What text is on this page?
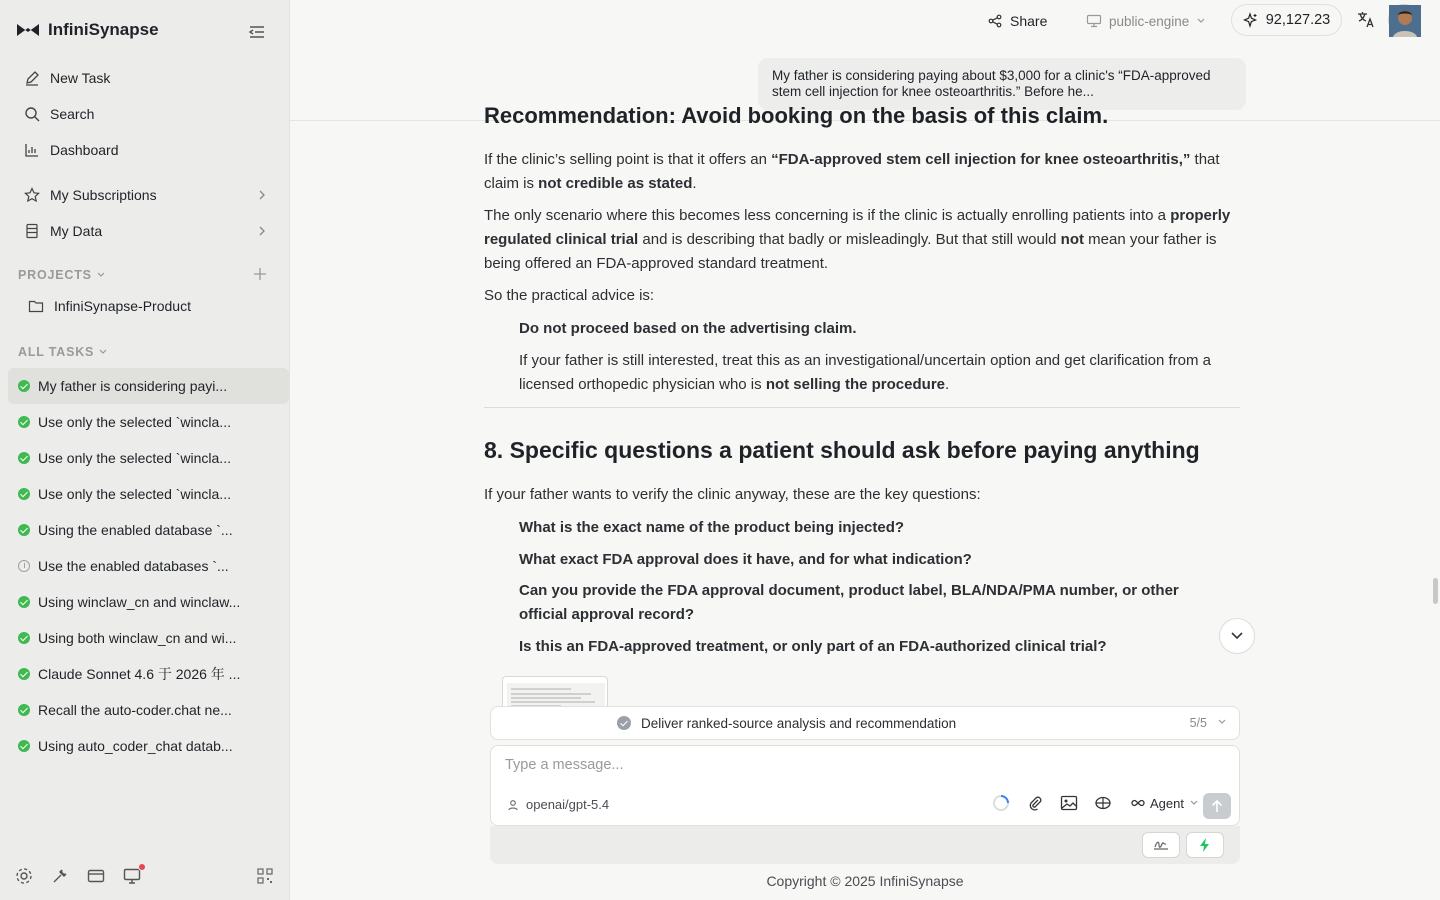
InfiniSynapse
New Task
Search
Dashboard
My Subscriptions
My Data
PROJECTS
InfiniSynapse-Product
ALL TASKS
My father is considering payi...
Use only the selected `wincla...
Use only the selected `wincla...
Use only the selected `wincla...
Using the enabled database `...
Use the enabled databases `...
Using winclaw_cn and winclaw...
Using both winclaw_cn and wi...
Claude Sonnet 4.6 于 2026 年 ...
Recall the auto-coder.chat ne...
Using auto_coder_chat datab...
Share	public-engine	92,127.23
My father is considering paying about $3,000 for a clinic's “FDA-approved stem cell injection for knee osteoarthritis.” Before he...
Recommendation: Avoid booking on the basis of this claim.

If the clinic’s selling point is that it offers an “FDA-approved stem cell injection for knee osteoarthritis,” that claim is not credible as stated.

The only scenario where this becomes less concerning is if the clinic is actually enrolling patients into a properly regulated clinical trial and is describing that badly or misleadingly. But that still would not mean your father is being offered an FDA-approved standard treatment.

So the practical advice is:

Do not proceed based on the advertising claim.

If your father is still interested, treat this as an investigational/uncertain option and get clarification from a licensed orthopedic physician who is not selling the procedure.

8. Specific questions a patient should ask before paying anything

If your father wants to verify the clinic anyway, these are the key questions:

What is the exact name of the product being injected?
What exact FDA approval does it have, and for what indication?
Can you provide the FDA approval document, product label, BLA/NDA/PMA number, or other official approval record?
Is this an FDA-approved treatment, or only part of an FDA-authorized clinical trial?
Deliver ranked-source analysis and recommendation	5/5
Type a message...
openai/gpt-5.4	Agent
Copyright © 2025 InfiniSynapse
